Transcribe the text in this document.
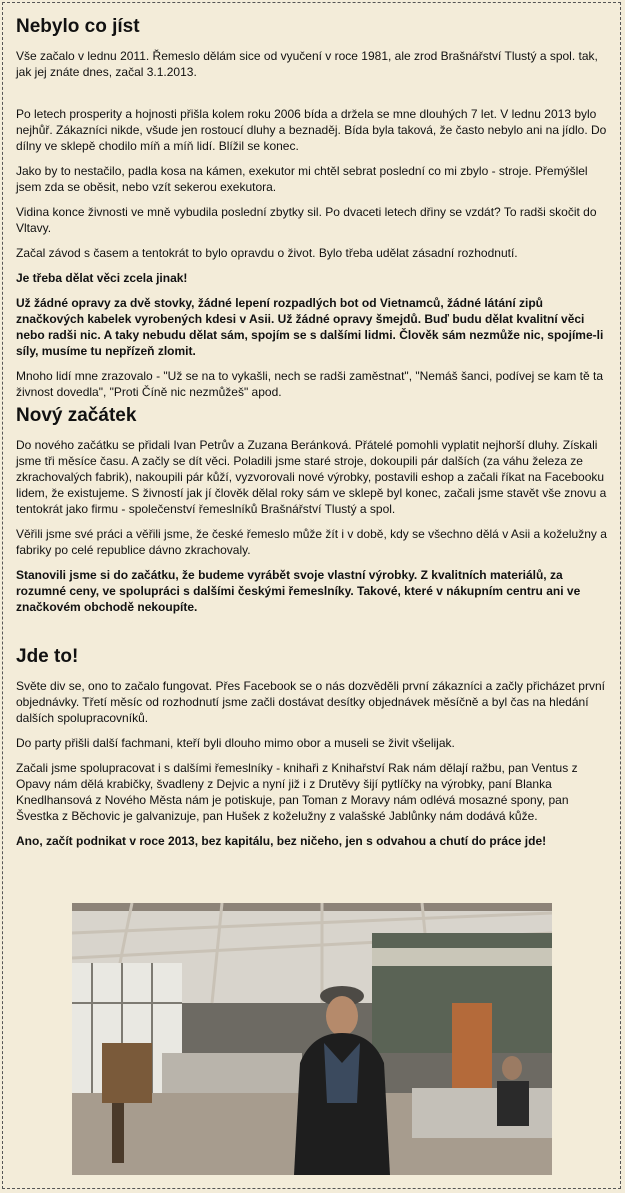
Nebylo co jíst

Vše začalo v lednu 2011. Řemeslo dělám sice od vyučení v roce 1981, ale zrod Brašnářství Tlustý a spol. tak, jak jej znáte dnes, začal 3.1.2013.

Po letech prosperity a hojnosti přišla kolem roku 2006 bída a držela se mne dlouhých 7 let. V lednu 2013 bylo nejhůř. Zákazníci nikde, všude jen rostoucí dluhy a beznaděj. Bída byla taková, že často nebylo ani na jídlo. Do dílny ve sklepě chodilo míň a míň lidí. Blížil se konec.

Jako by to nestačilo, padla kosa na kámen, exekutor mi chtěl sebrat poslední co mi zbylo - stroje. Přemýšlel jsem zda se oběsit, nebo vzít sekerou exekutora.

Vidina konce živnosti ve mně vybudila poslední zbytky sil. Po dvaceti letech dřiny se vzdát? To radši skočit do Vltavy.

Začal závod s časem a tentokrát to bylo opravdu o život. Bylo třeba udělat zásadní rozhodnutí.

Je třeba dělat věci zcela jinak!

Už žádné opravy za dvě stovky, žádné lepení rozpadlých bot od Vietnamců, žádné látání zipů značkových kabelek vyrobených kdesi v Asii. Už žádné opravy šmejdů. Buď budu dělat kvalitní věci nebo radši nic. A taky nebudu dělat sám, spojím se s dalšími lidmi. Člověk sám nezmůže nic, spojíme-li síly, musíme tu nepřízeň zlomit.

Mnoho lidí mne zrazovalo - "Už se na to vykašli, nech se radši zaměstnat", "Nemáš šanci, podívej se kam tě ta živnost dovedla", "Proti Číně nic nezmůžeš" apod.

Nový začátek

Do nového začátku se přidali Ivan Petrův a Zuzana Beránková. Přátelé pomohli vyplatit nejhorší dluhy. Získali jsme tři měsíce času. A začly se dít věci. Poladili jsme staré stroje, dokoupili pár dalších (za váhu železa ze zkrachovalých fabrik), nakoupili pár kůží, vyzvorovali nové výrobky, postavili eshop a začali říkat na Facebooku lidem, že existujeme. S živností jak jí člověk dělal roky sám ve sklepě byl konec, začali jsme stavět vše znovu a tentokrát jako firmu - společenství řemeslníků Brašnářství Tlustý a spol.

Věřili jsme své práci a věřili jsme, že české řemeslo může žít i v době, kdy se všechno dělá v Asii a koželužny a fabriky po celé republice dávno zkrachovaly.

Stanovili jsme si do začátku, že budeme vyrábět svoje vlastní výrobky. Z kvalitních materiálů, za rozumné ceny, ve spolupráci s dalšími českými řemeslníky. Takové, které v nákupním centru ani ve značkovém obchodě nekoupíte.

Jde to!

Světe div se, ono to začalo fungovat. Přes Facebook se o nás dozvěděli první zákazníci a začly přicházet první objednávky. Třetí měsíc od rozhodnutí jsme začli dostávat desítky objednávek měsíčně a byl čas na hledání dalších spolupracovníků.

Do party přišli další fachmani, kteří byli dlouho mimo obor a museli se živit všelijak.

Začali jsme spolupracovat i s dalšími řemeslníky - knihaři z Knihařství Rak nám dělají ražbu, pan Ventus z Opavy nám dělá krabičky, švadleny z Dejvic a nyní již i z Drutěvy šijí pytlíčky na výrobky, paní Blanka Knedlhansová z Nového Města nám je potiskuje, pan Toman z Moravy nám odlévá mosazné spony, pan Švestka z Běchovic je galvanizuje, pan Hušek z koželužny z valašské Jablůnky nám dodává kůže.

Ano, začít podnikat v roce 2013, bez kapitálu, bez ničeho, jen s odvahou a chutí do práce jde!
